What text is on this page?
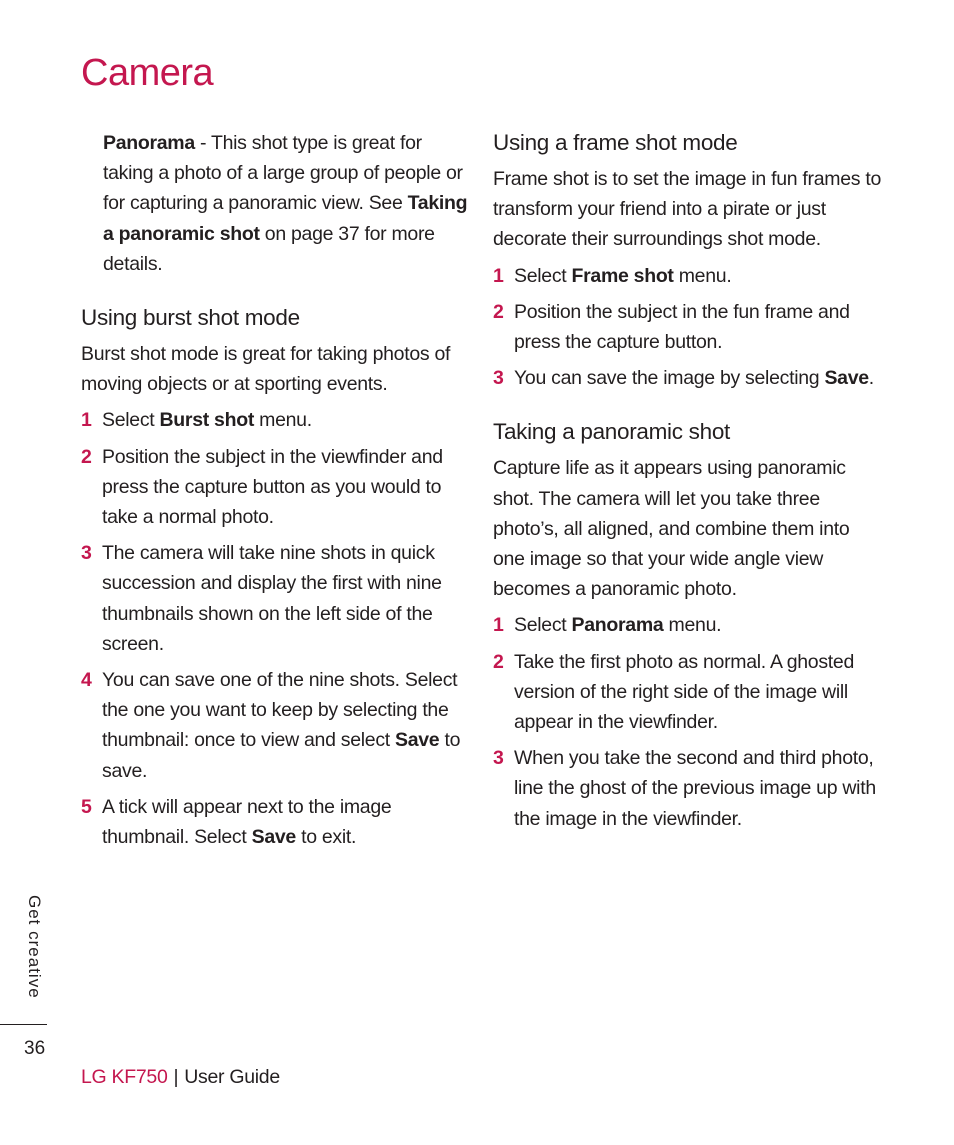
Camera

Panorama - This shot type is great for taking a photo of a large group of people or for capturing a panoramic view. See Taking a panoramic shot on page 37 for more details.

Using burst shot mode

Burst shot mode is great for taking photos of moving objects or at sporting events.

1 Select Burst shot menu.
2 Position the subject in the viewfinder and press the capture button as you would to take a normal photo.
3 The camera will take nine shots in quick succession and display the first with nine thumbnails shown on the left side of the screen.
4 You can save one of the nine shots. Select the one you want to keep by selecting the thumbnail: once to view and select Save to save.
5 A tick will appear next to the image thumbnail. Select Save to exit.
Using a frame shot mode

Frame shot is to set the image in fun frames to transform your friend into a pirate or just decorate their surroundings shot mode.

1 Select Frame shot menu.
2 Position the subject in the fun frame and press the capture button.
3 You can save the image by selecting Save.
Taking a panoramic shot

Capture life as it appears using panoramic shot. The camera will let you take three photo’s, all aligned, and combine them into one image so that your wide angle view becomes a panoramic photo.

1 Select Panorama menu.
2 Take the first photo as normal. A ghosted version of the right side of the image will appear in the viewfinder.
3 When you take the second and third photo, line the ghost of the previous image up with the image in the viewfinder.
Get creative
36
LG KF750 | User Guide
